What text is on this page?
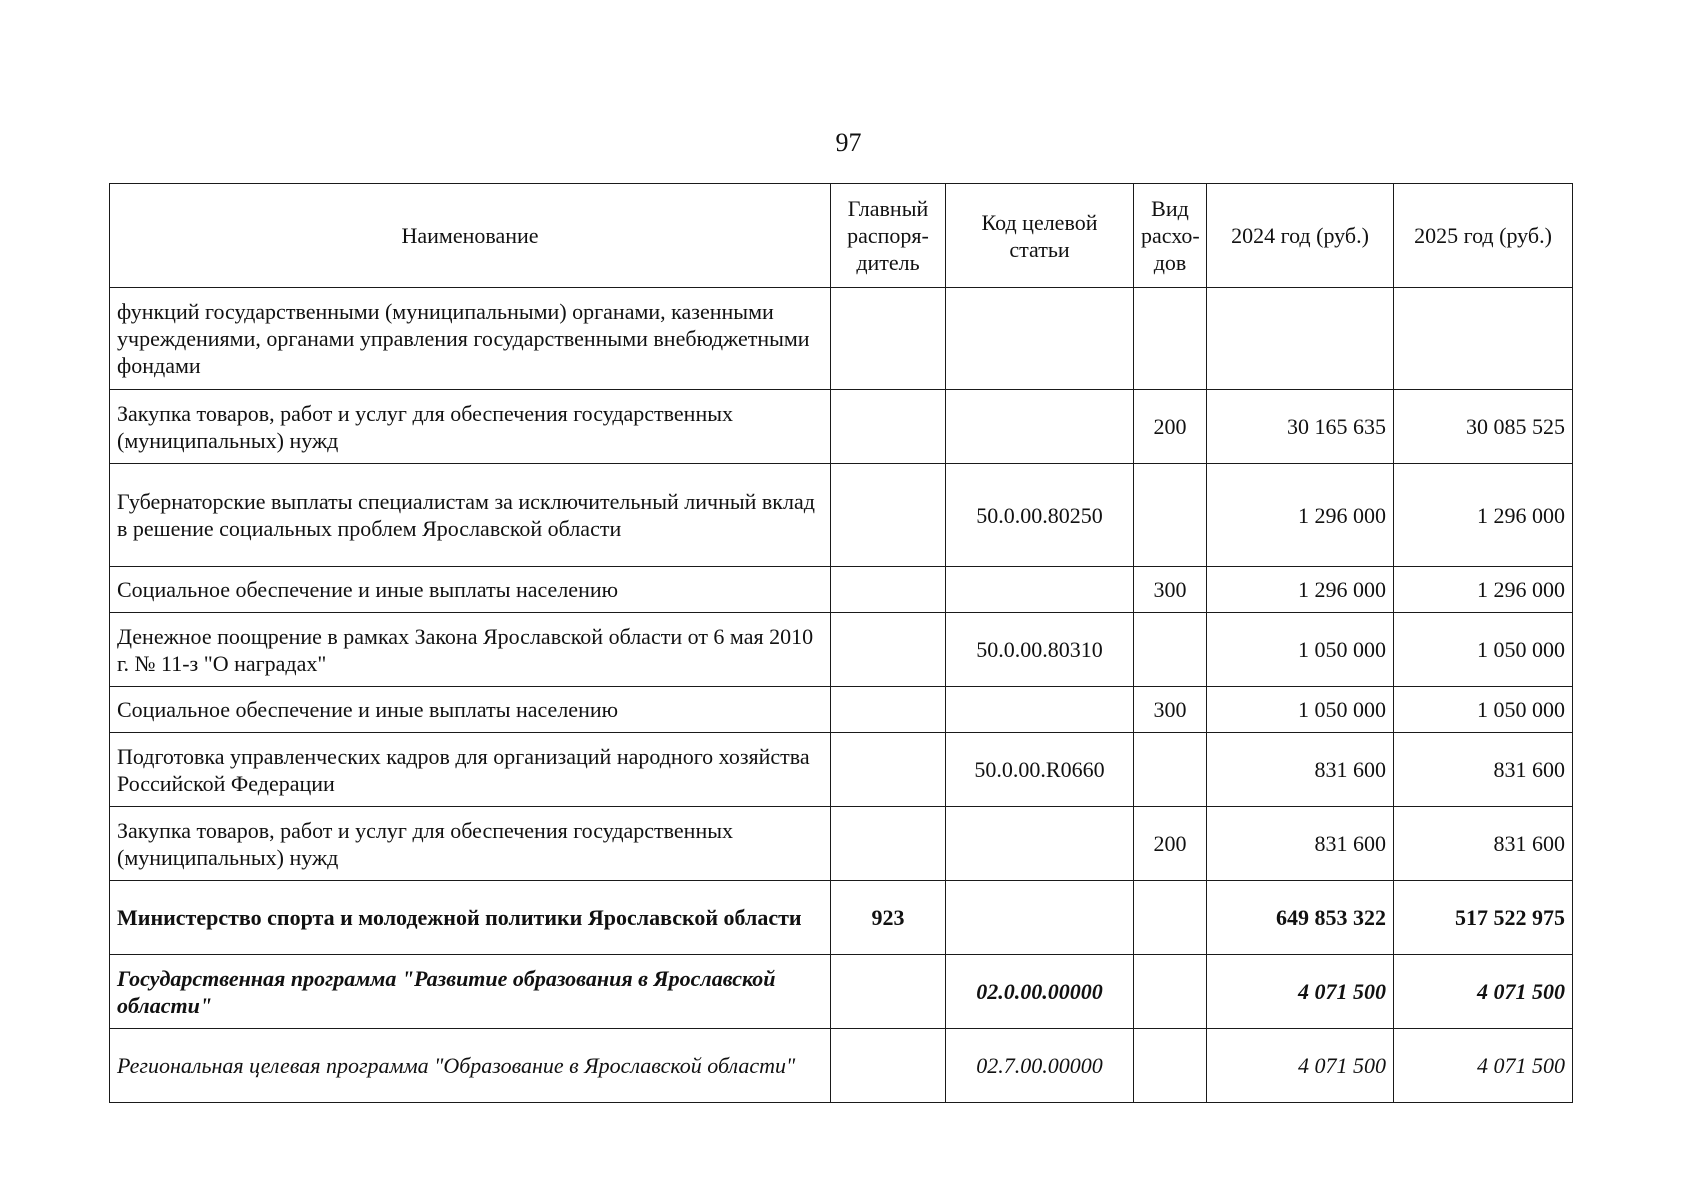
97
Наименование	Главный распоря- дитель	Код целевой статьи	Вид расхо- дов	2024 год (руб.)	2025 год (руб.)
функций государственными (муниципальными) органами, казенными учреждениями, органами управления государственными внебюджетными фондами					
Закупка товаров, работ и услуг для обеспечения государственных (муниципальных) нужд			200	30 165 635	30 085 525
Губернаторские выплаты специалистам за исключительный личный вклад в решение социальных проблем Ярославской области		50.0.00.80250		1 296 000	1 296 000
Социальное обеспечение и иные выплаты населению			300	1 296 000	1 296 000
Денежное поощрение в рамках Закона Ярославской области от 6 мая 2010 г. № 11-з "О наградах"		50.0.00.80310		1 050 000	1 050 000
Социальное обеспечение и иные выплаты населению			300	1 050 000	1 050 000
Подготовка управленческих кадров для организаций народного хозяйства Российской Федерации		50.0.00.R0660		831 600	831 600
Закупка товаров, работ и услуг для обеспечения государственных (муниципальных) нужд			200	831 600	831 600
Министерство спорта и молодежной политики Ярославской области	923			649 853 322	517 522 975
Государственная программа "Развитие образования в Ярославской области"		02.0.00.00000		4 071 500	4 071 500
Региональная целевая программа "Образование в Ярославской области"		02.7.00.00000		4 071 500	4 071 500
